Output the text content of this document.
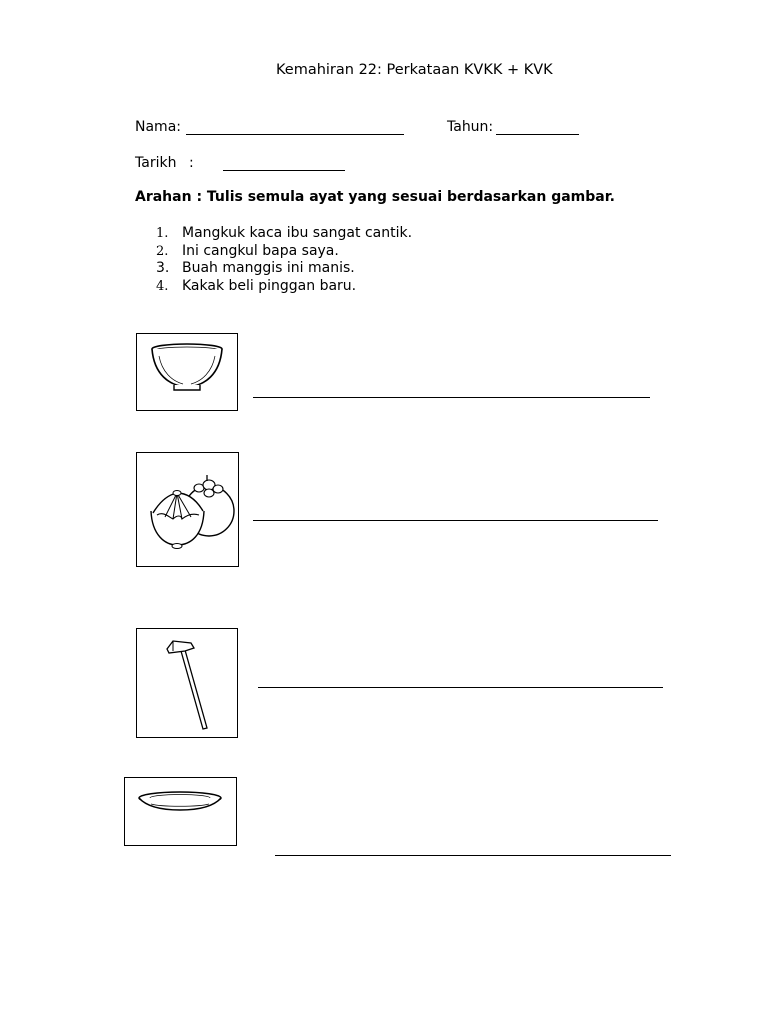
Kemahiran 22: Perkataan KVKK + KVK
Nama:	Tahun:
Tarikh :
Arahan : Tulis semula ayat yang sesuai berdasarkan gambar.
1. Mangkuk kaca ibu sangat cantik.
2. Ini cangkul bapa saya.
3. Buah manggis ini manis.
4. Kakak beli pinggan baru.
